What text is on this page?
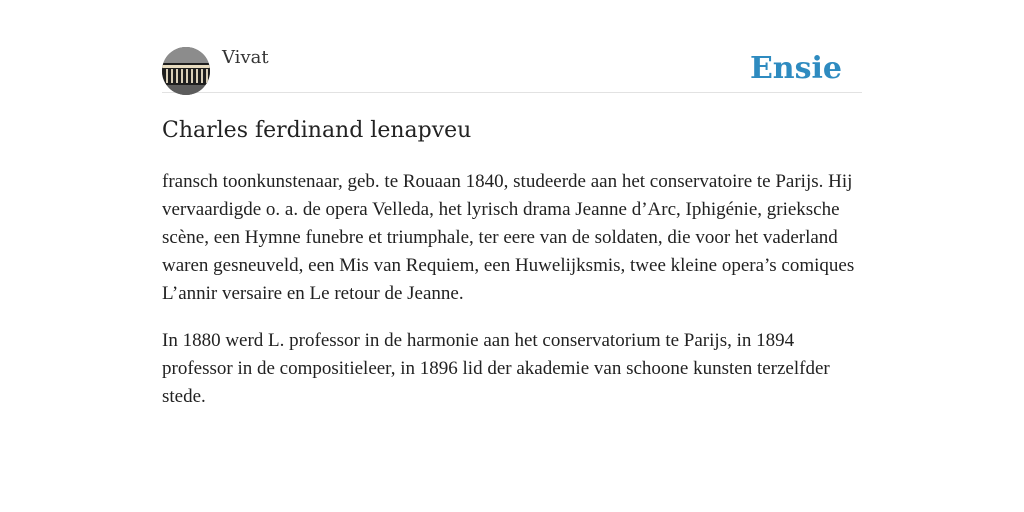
Vivat	Ensie
Charles ferdinand lenapveu

fransch toonkunstenaar, geb. te Rouaan 1840, studeerde aan het conservatoire te Parijs. Hij vervaardigde o. a. de opera Velleda, het lyrisch drama Jeanne d’Arc, Iphigénie, grieksche scène, een Hymne funebre et triumphale, ter eere van de soldaten, die voor het vaderland waren gesneuveld, een Mis van Requiem, een Huwelijksmis, twee kleine opera’s comiques L’annir versaire en Le retour de Jeanne.

In 1880 werd L. professor in de harmonie aan het conservatorium te Parijs, in 1894 professor in de compositieleer, in 1896 lid der akademie van schoone kunsten terzelfder stede.
